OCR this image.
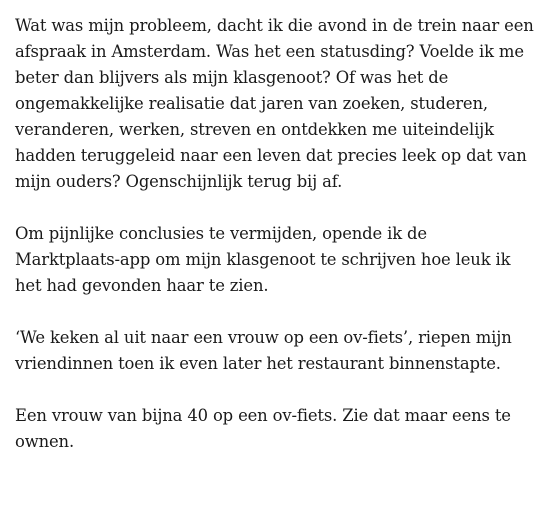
Wat was mijn probleem, dacht ik die avond in de trein naar een
afspraak in Amsterdam. Was het een statusding? Voelde ik me
beter dan blijvers als mijn klasgenoot? Of was het de
ongemakkelijke realisatie dat jaren van zoeken, studeren,
veranderen, werken, streven en ontdekken me uiteindelijk
hadden teruggeleid naar een leven dat precies leek op dat van
mijn ouders? Ogenschijnlijk terug bij af.

Om pijnlijke conclusies te vermijden, opende ik de
Marktplaats-app om mijn klasgenoot te schrijven hoe leuk ik
het had gevonden haar te zien.

‘We keken al uit naar een vrouw op een ov-fiets’, riepen mijn
vriendinnen toen ik even later het restaurant binnenstapte.

Een vrouw van bijna 40 op een ov-fiets. Zie dat maar eens te
ownen.
